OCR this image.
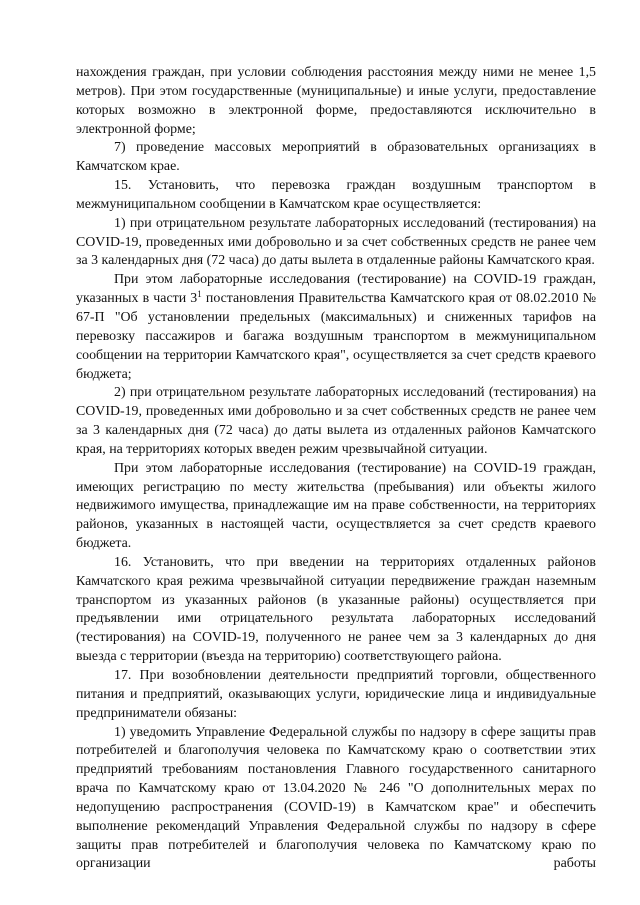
нахождения граждан, при условии соблюдения расстояния между ними не менее 1,5 метров). При этом государственные (муниципальные) и иные услуги, предоставление которых возможно в электронной форме, предоставляются исключительно в электронной форме;

7) проведение массовых мероприятий в образовательных организациях в Камчатском крае.

15. Установить, что перевозка граждан воздушным транспортом в межмуниципальном сообщении в Камчатском крае осуществляется:

1) при отрицательном результате лабораторных исследований (тестирования) на COVID-19, проведенных ими добровольно и за счет собственных средств не ранее чем за 3 календарных дня (72 часа) до даты вылета в отдаленные районы Камчатского края.

При этом лабораторные исследования (тестирование) на COVID-19 граждан, указанных в части $3^1$ постановления Правительства Камчатского края от 08.02.2010 № 67-П "Об установлении предельных (максимальных) и сниженных тарифов на перевозку пассажиров и багажа воздушным транспортом в межмуниципальном сообщении на территории Камчатского края", осуществляется за счет средств краевого бюджета;

2) при отрицательном результате лабораторных исследований (тестирования) на COVID-19, проведенных ими добровольно и за счет собственных средств не ранее чем за 3 календарных дня (72 часа) до даты вылета из отдаленных районов Камчатского края, на территориях которых введен режим чрезвычайной ситуации.

При этом лабораторные исследования (тестирование) на COVID-19 граждан, имеющих регистрацию по месту жительства (пребывания) или объекты жилого недвижимого имущества, принадлежащие им на праве собственности, на территориях районов, указанных в настоящей части, осуществляется за счет средств краевого бюджета.

16. Установить, что при введении на территориях отдаленных районов Камчатского края режима чрезвычайной ситуации передвижение граждан наземным транспортом из указанных районов (в указанные районы) осуществляется при предъявлении ими отрицательного результата лабораторных исследований (тестирования) на COVID-19, полученного не ранее чем за 3 календарных до дня выезда с территории (въезда на территорию) соответствующего района.

17. При возобновлении деятельности предприятий торговли, общественного питания и предприятий, оказывающих услуги, юридические лица и индивидуальные предприниматели обязаны:

1) уведомить Управление Федеральной службы по надзору в сфере защиты прав потребителей и благополучия человека по Камчатскому краю о соответствии этих предприятий требованиям постановления Главного государственного санитарного врача по Камчатскому краю от 13.04.2020 № 246 "О дополнительных мерах по недопущению распространения (COVID-19) в Камчатском крае" и обеспечить выполнение рекомендаций Управления Федеральной службы по надзору в сфере защиты прав потребителей и благополучия человека по Камчатскому краю по организации работы
